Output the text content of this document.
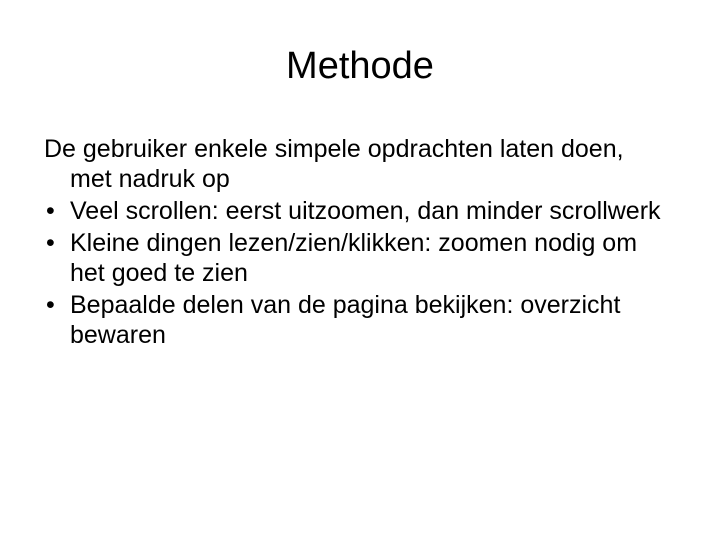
Methode

De gebruiker enkele simpele opdrachten laten doen, met nadruk op

• Veel scrollen: eerst uitzoomen, dan minder scrollwerk
• Kleine dingen lezen/zien/klikken: zoomen nodig om het goed te zien
• Bepaalde delen van de pagina bekijken: overzicht bewaren
